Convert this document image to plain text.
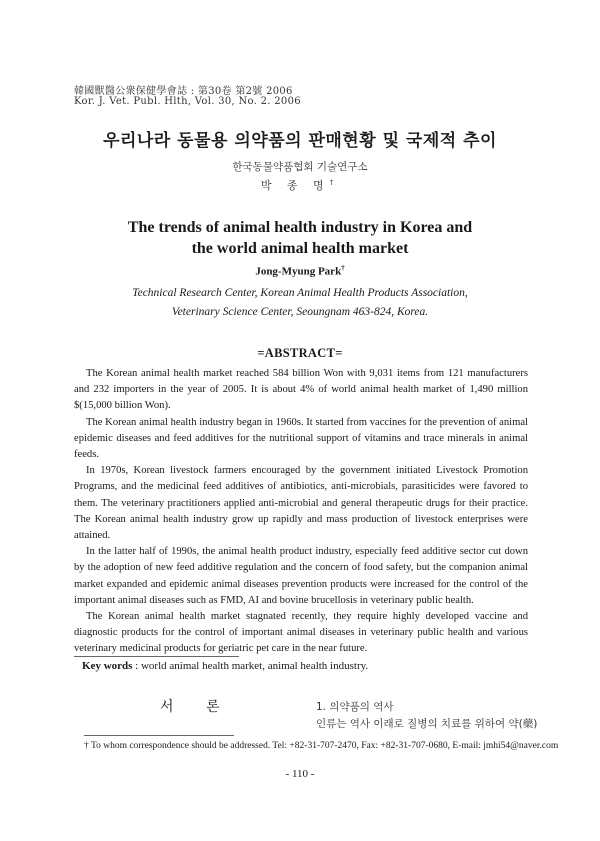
韓國獸醫公衆保健學會誌 : 第30卷 第2號 2006
Kor. J. Vet. Publ. Hlth, Vol. 30, No. 2. 2006
우리나라 동물용 의약품의 판매현황 및 국제적 추이
한국동물약품협회 기술연구소
박 종 명†
The trends of animal health industry in Korea and
the world animal health market
Jong-Myung Park†
Technical Research Center, Korean Animal Health Products Association,
Veterinary Science Center, Seoungnam 463-824, Korea.
=ABSTRACT=

The Korean animal health market reached 584 billion Won with 9,031 items from 121 manufacturers and 232 importers in the year of 2005. It is about 4% of world animal health market of 1,490 million $(15,000 billion Won).

The Korean animal health industry began in 1960s. It started from vaccines for the prevention of animal epidemic diseases and feed additives for the nutritional support of vitamins and trace minerals in animal feeds.

In 1970s, Korean livestock farmers encouraged by the government initiated Livestock Promotion Programs, and the medicinal feed additives of antibiotics, anti-microbials, parasiticides were favored to them. The veterinary practitioners applied anti-microbial and general therapeutic drugs for their practice. The Korean animal health industry grow up rapidly and mass production of livestock enterprises were attained.

In the latter half of 1990s, the animal health product industry, especially feed additive sector cut down by the adoption of new feed additive regulation and the concern of food safety, but the companion animal market expanded and epidemic animal diseases prevention products were increased for the control of the important animal diseases such as FMD, AI and bovine brucellosis in veterinary public health.

The Korean animal health market stagnated recently, they require highly developed vaccine and diagnostic products for the control of important animal diseases in veterinary public health and various veterinary medicinal products for geriatric pet care in the near future.

Key words : world animal health market, animal health industry.
서 론	1. 의약품의 역사
인류는 역사 이래로 질병의 치료를 위하여 약(藥)
† To whom correspondence should be addressed. Tel: +82-31-707-2470, Fax: +82-31-707-0680, E-mail: jmhi54@naver.com
- 110 -
